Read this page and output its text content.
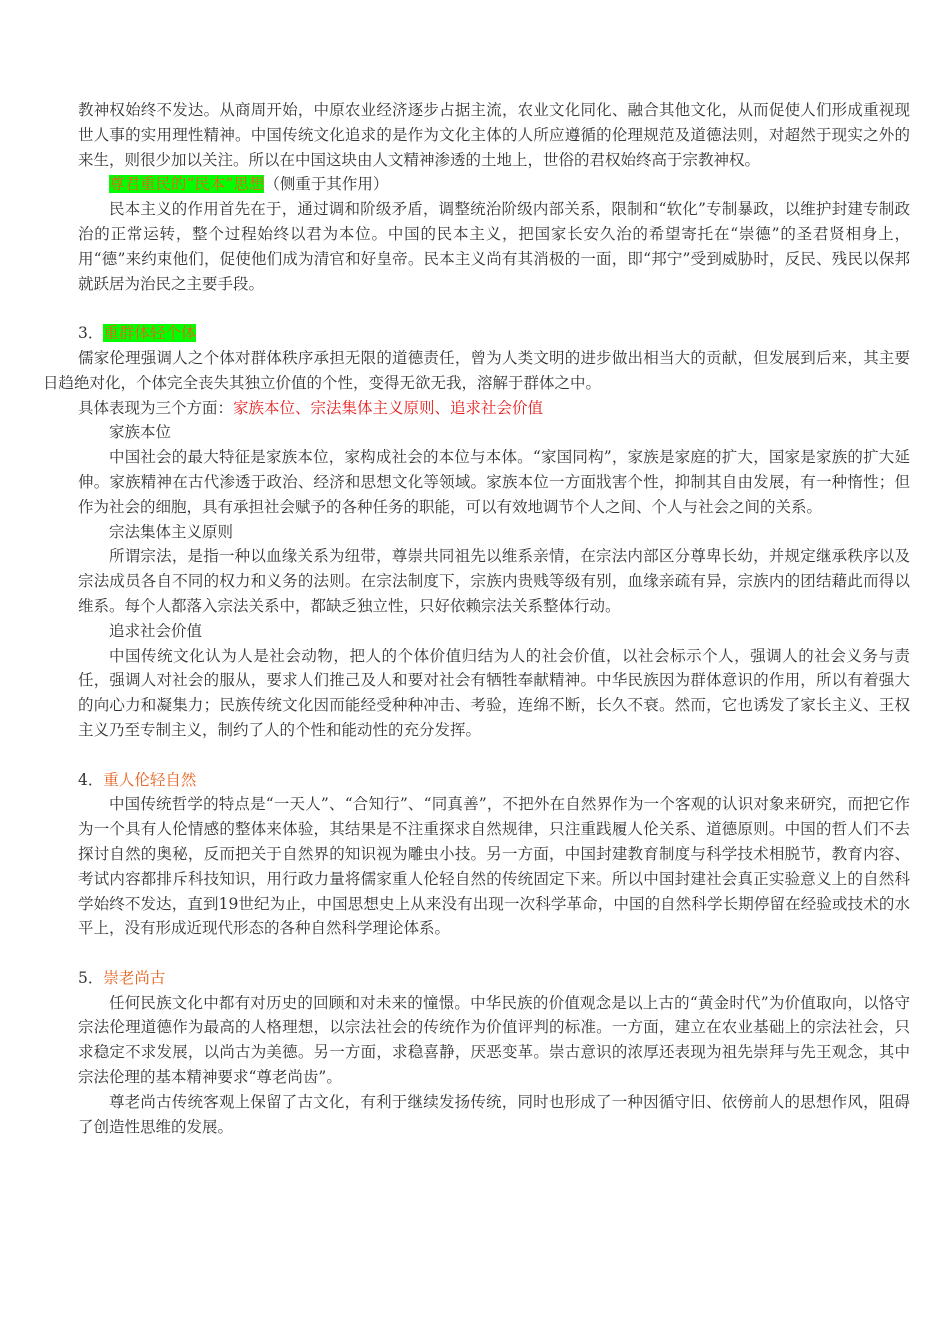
教神权始终不发达。从商周开始，中原农业经济逐步占据主流，农业文化同化、融合其他文化，从而促使人们形成重视现世人事的实用理性精神。中国传统文化追求的是作为文化主体的人所应遵循的伦理规范及道德法则，对超然于现实之外的来生，则很少加以关注。所以在中国这块由人文精神渗透的土地上，世俗的君权始终高于宗教神权。

尊君重民的“民本”思想（侧重于其作用）

民本主义的作用首先在于，通过调和阶级矛盾，调整统治阶级内部关系，限制和“软化”专制暴政，以维护封建专制政治的正常运转，整个过程始终以君为本位。中国的民本主义，把国家长安久治的希望寄托在“崇德”的圣君贤相身上，用“德”来约束他们，促使他们成为清官和好皇帝。民本主义尚有其消极的一面，即“邦宁”受到威胁时，反民、残民以保邦就跃居为治民之主要手段。

3．重群体轻个体

儒家伦理强调人之个体对群体秩序承担无限的道德责任，曾为人类文明的进步做出相当大的贡献，但发展到后来，其主要日趋绝对化，个体完全丧失其独立价值的个性，变得无欲无我，溶解于群体之中。

具体表现为三个方面：家族本位、宗法集体主义原则、追求社会价值

家族本位

中国社会的最大特征是家族本位，家构成社会的本位与本体。“家国同构”，家族是家庭的扩大，国家是家族的扩大延伸。家族精神在古代渗透于政治、经济和思想文化等领域。家族本位一方面戕害个性，抑制其自由发展，有一种惰性；但作为社会的细胞，具有承担社会赋予的各种任务的职能，可以有效地调节个人之间、个人与社会之间的关系。

宗法集体主义原则

所谓宗法，是指一种以血缘关系为纽带，尊崇共同祖先以维系亲情，在宗法内部区分尊卑长幼，并规定继承秩序以及宗法成员各自不同的权力和义务的法则。在宗法制度下，宗族内贵贱等级有别，血缘亲疏有异，宗族内的团结藉此而得以维系。每个人都落入宗法关系中，都缺乏独立性，只好依赖宗法关系整体行动。

追求社会价值

中国传统文化认为人是社会动物，把人的个体价值归结为人的社会价值，以社会标示个人，强调人的社会义务与责任，强调人对社会的服从，要求人们推己及人和要对社会有牺牲奉献精神。中华民族因为群体意识的作用，所以有着强大的向心力和凝集力；民族传统文化因而能经受种种冲击、考验，连绵不断，长久不衰。然而，它也诱发了家长主义、王权主义乃至专制主义，制约了人的个性和能动性的充分发挥。

4．重人伦轻自然

中国传统哲学的特点是“一天人”、“合知行”、“同真善”，不把外在自然界作为一个客观的认识对象来研究，而把它作为一个具有人伦情感的整体来体验，其结果是不注重探求自然规律，只注重践履人伦关系、道德原则。中国的哲人们不去探讨自然的奥秘，反而把关于自然界的知识视为雕虫小技。另一方面，中国封建教育制度与科学技术相脱节，教育内容、考试内容都排斥科技知识，用行政力量将儒家重人伦轻自然的传统固定下来。所以中国封建社会真正实验意义上的自然科学始终不发达，直到19世纪为止，中国思想史上从来没有出现一次科学革命，中国的自然科学长期停留在经验或技术的水平上，没有形成近现代形态的各种自然科学理论体系。

5．崇老尚古

任何民族文化中都有对历史的回顾和对未来的憧憬。中华民族的价值观念是以上古的“黄金时代”为价值取向，以恪守宗法伦理道德作为最高的人格理想，以宗法社会的传统作为价值评判的标准。一方面，建立在农业基础上的宗法社会，只求稳定不求发展，以尚古为美德。另一方面，求稳喜静，厌恶变革。崇古意识的浓厚还表现为祖先崇拜与先王观念，其中宗法伦理的基本精神要求“尊老尚齿”。

尊老尚古传统客观上保留了古文化，有利于继续发扬传统，同时也形成了一种因循守旧、依傍前人的思想作风，阻碍了创造性思维的发展。
